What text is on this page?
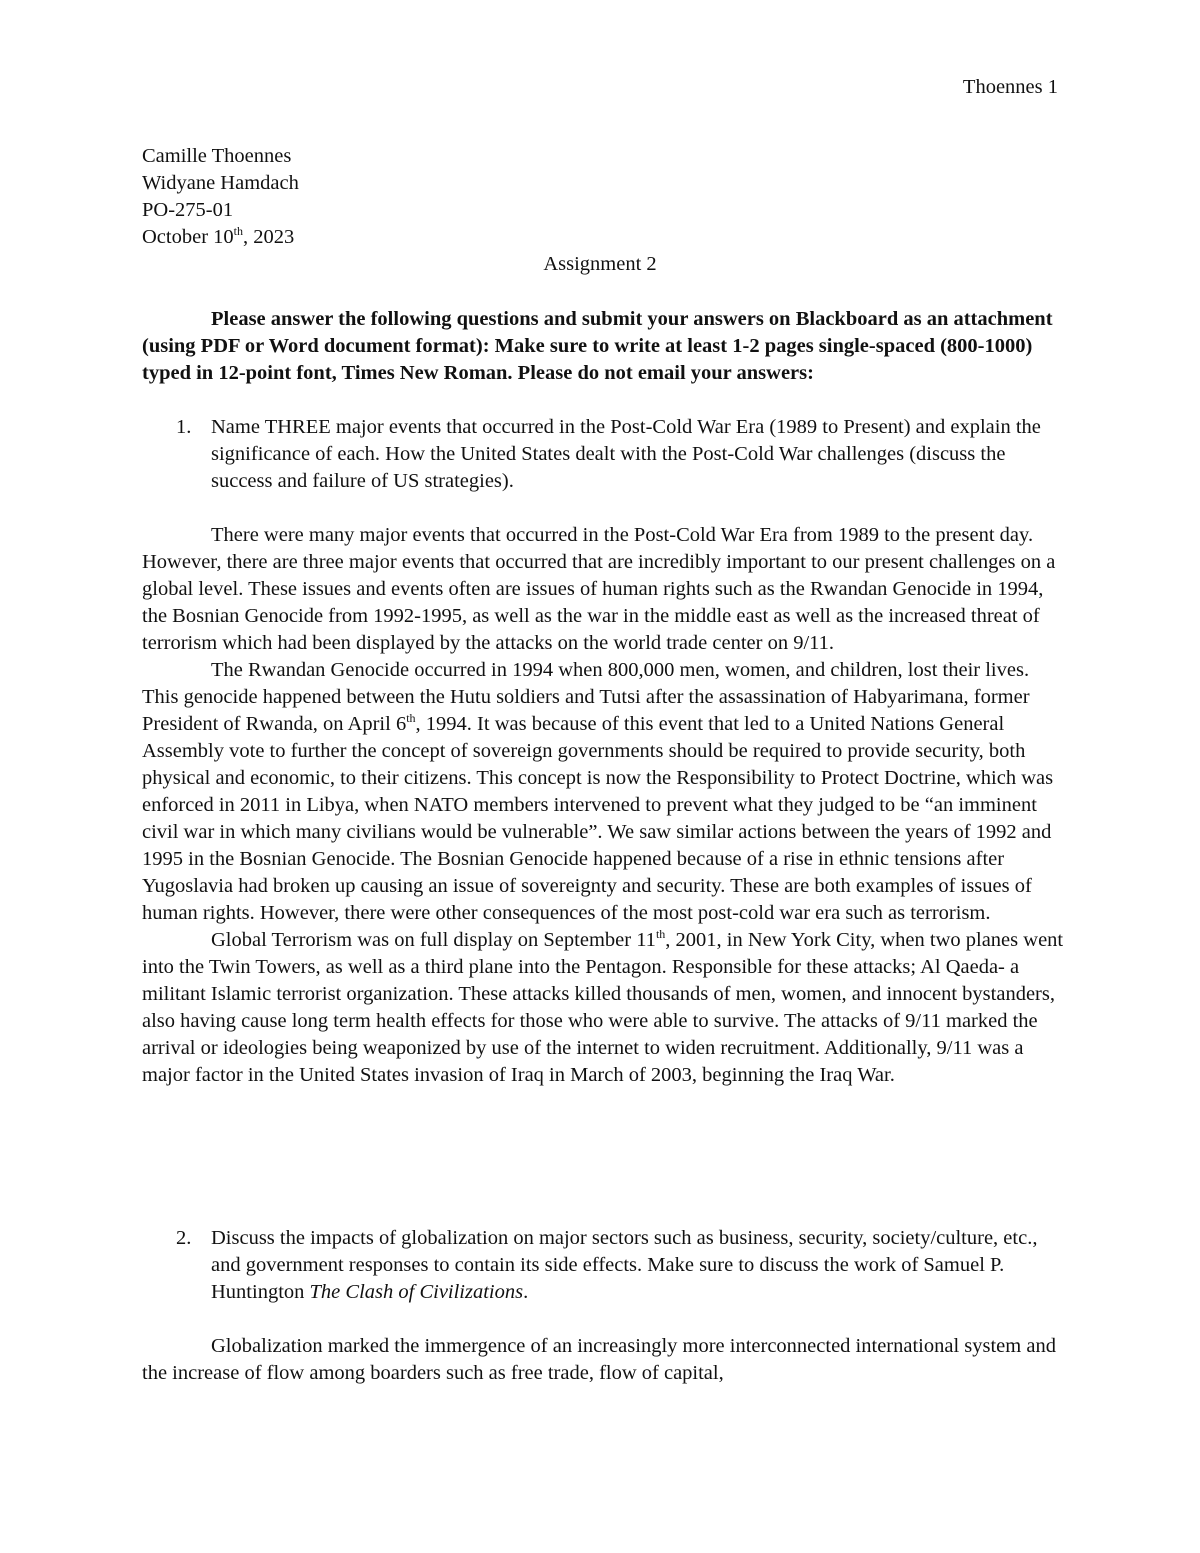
Thoennes 1
Camille Thoennes
Widyane Hamdach
PO-275-01
October 10th, 2023
Assignment 2
Please answer the following questions and submit your answers on Blackboard as an attachment (using PDF or Word document format): Make sure to write at least 1-2 pages single-spaced (800-1000) typed in 12-point font, Times New Roman. Please do not email your answers:
1. Name THREE major events that occurred in the Post-Cold War Era (1989 to Present) and explain the significance of each. How the United States dealt with the Post-Cold War challenges (discuss the success and failure of US strategies).

There were many major events that occurred in the Post-Cold War Era from 1989 to the present day. However, there are three major events that occurred that are incredibly important to our present challenges on a global level. These issues and events often are issues of human rights such as the Rwandan Genocide in 1994, the Bosnian Genocide from 1992-1995, as well as the war in the middle east as well as the increased threat of terrorism which had been displayed by the attacks on the world trade center on 9/11.

The Rwandan Genocide occurred in 1994 when 800,000 men, women, and children, lost their lives. This genocide happened between the Hutu soldiers and Tutsi after the assassination of Habyarimana, former President of Rwanda, on April 6th, 1994. It was because of this event that led to a United Nations General Assembly vote to further the concept of sovereign governments should be required to provide security, both physical and economic, to their citizens. This concept is now the Responsibility to Protect Doctrine, which was enforced in 2011 in Libya, when NATO members intervened to prevent what they judged to be “an imminent civil war in which many civilians would be vulnerable”. We saw similar actions between the years of 1992 and 1995 in the Bosnian Genocide. The Bosnian Genocide happened because of a rise in ethnic tensions after Yugoslavia had broken up causing an issue of sovereignty and security. These are both examples of issues of human rights. However, there were other consequences of the most post-cold war era such as terrorism.

Global Terrorism was on full display on September 11th, 2001, in New York City, when two planes went into the Twin Towers, as well as a third plane into the Pentagon. Responsible for these attacks; Al Qaeda- a militant Islamic terrorist organization. These attacks killed thousands of men, women, and innocent bystanders, also having cause long term health effects for those who were able to survive. The attacks of 9/11 marked the arrival or ideologies being weaponized by use of the internet to widen recruitment. Additionally, 9/11 was a major factor in the United States invasion of Iraq in March of 2003, beginning the Iraq War.

2. Discuss the impacts of globalization on major sectors such as business, security, society/culture, etc., and government responses to contain its side effects. Make sure to discuss the work of Samuel P. Huntington The Clash of Civilizations.

Globalization marked the immergence of an increasingly more interconnected international system and the increase of flow among boarders such as free trade, flow of capital,
